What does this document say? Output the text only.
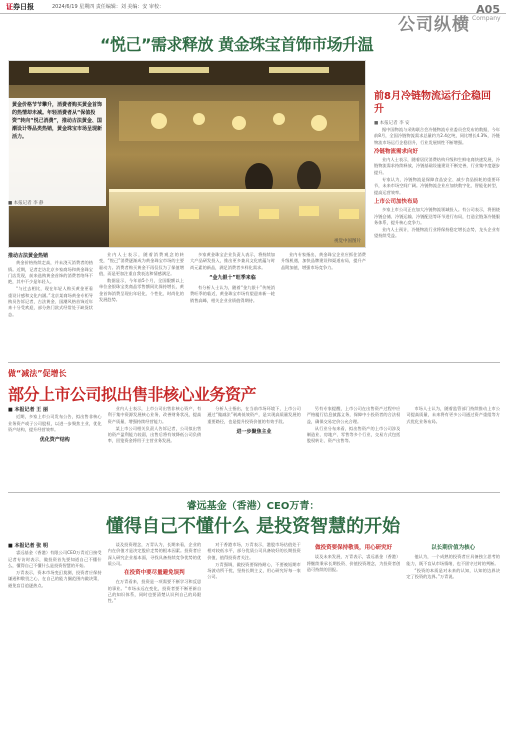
证券日报	2024/6/19 星期四 责任编辑：刘 美编：安 审校：
公司纵横
A05
Company
“悦己”需求释放 黄金珠宝首饰市场升温
视觉中国图片
黄金价格节节攀升，消费者购买黄金首饰的热情却未减。年轻消费者从“保值投资”转向“悦己消费”，推动古法黄金、国潮设计等品类热销，黄金珠宝市场呈现新活力。
■ 本报记者 李 静
前8月冷链物流运行企稳回升
■ 本报记者 李 安

据中国物流与采购联合会冷链物流专业委员会发布的数据，今年前8月，全国冷链物流需求总量约为2.4亿吨，同比增长4.3%，冷链物流市场运行企稳回升，行业发展韧性不断增强。

冷链物流需求向好

业内人士表示，随着居民消费结构升级和生鲜电商快速发展，冷链物流需求持续释放，冷链基础设施建设不断完善，行业集中度逐步提升。

专家认为，冷链物流是保障食品安全、减少食品损耗的重要环节，未来市场空间广阔。冷链物流企业应加快数字化、智能化转型，提高运营效率。

上市公司加快布局

多家上市公司正在加大冷链物流领域投入。有公司表示，将围绕冷链仓储、冷链运输、冷链配送等环节进行布局，打造全链条冷链服务体系，提升核心竞争力。

业内人士预计，冷链物流行业将保持稳定增长态势，龙头企业有望持续受益。

推动古法黄金热销

黄金价格持续走高，并未浇灭消费者的热情。近期，记者走访北京多家商场和黄金珠宝门店发现，前来选购黄金首饰的消费者络绎不绝，其中不少是年轻人。

“与过去相比，现在年轻人购买黄金更看重设计感和文化内涵。”北京某商场黄金专柜导购员告诉记者，古法黄金、国潮风格首饰近年来十分受欢迎，部分热门款式经常处于缺货状态。

业内人士表示，随着消费观念的转变，“悦己”消费逐渐成为黄金珠宝市场的主要驱动力。消费者购买黄金不再仅仅为了保值增值，而是更加注重自我表达和情感满足。

数据显示，今年前5个月，全国限额以上单位金银珠宝类商品零售额同比保持增长，黄金首饰消费呈现出年轻化、个性化、时尚化的发展趋势。

多家黄金珠宝企业负责人表示，将持续加大产品研发投入，推出更多兼具文化底蕴与时尚元素的新品，满足消费者多样化需求。

“金九银十”旺季来临

有分析人士认为，随着“金九银十”传统消费旺季的临近，黄金珠宝市场有望迎来新一轮销售高峰，相关企业业绩值得期待。

业内专家指出，黄金珠宝企业应抓住消费升级机遇，加快品牌建设和渠道布局，提升产品附加值，增强市场竞争力。

做“减法”促增长
部分上市公司拟出售非核心业务资产
■ 本报记者 王 丽

近期，多家上市公司发布公告，拟出售非核心业务资产或子公司股权，以进一步聚焦主业，优化资产结构，提升经营效率。

优化资产结构

业内人士表示，上市公司出售非核心资产，有利于集中资源发展核心业务，改善财务状况，提高资产质量，增强持续经营能力。

某上市公司相关负责人告诉记者，公司拟出售的资产盈利能力较弱，出售后将有效降低公司负债率，回笼资金将用于主营业务发展。

分析人士指出，在当前市场环境下，上市公司通过“做减法”剥离低效资产，是实现高质量发展的重要路径，也是提升投资价值的有效手段。

进一步聚焦主业

另有专家提醒，上市公司在出售资产过程中应严格履行信息披露义务，保障中小投资者的合法权益，确保交易定价公允合理。

从行业分布来看，拟出售资产的上市公司涉及制造业、房地产、零售等多个行业，交易方式包括股权转让、资产出售等。

市场人士认为，随着监管部门持续推动上市公司提高质量，未来将有更多公司通过资产重组等方式优化业务布局。

睿远基金（香港）CEO万青：
懂得自己不懂什么 是投资智慧的开始
■ 本报记者 张 明

睿远基金（香港）有限公司CEO万青近日接受记者专访时表示，做投资首先要知道自己不懂什么，懂得自己不懂什么是投资智慧的开始。

万青表示，资本市场变幻莫测，投资者应保持谦逊和敬畏之心，在自己的能力圈范围内做决策，避免盲目追逐热点。

谈及投资理念，万青认为，长期来看，企业的内在价值才是决定股价走势的根本因素。投资者应深入研究企业基本面，寻找具备持续竞争优势的优质公司。

在投资中要尽量避免误判

在万青看来，投资是一项需要不断学习和反思的事业。“市场永远在变化，投资者要不断更新自己的知识体系，同时也要清楚认识到自己的局限性。”

对于香港市场，万青表示，港股市场估值处于相对较低水平，部分优质公司具备较好的长期投资价值，值得投资者关注。

万青强调，做投资要保持耐心，不要被短期市场波动所干扰，坚持长期主义，用心研究好每一家公司。

做投资要保持敬畏，用心研究好

谈及未来发展，万青表示，睿远基金（香港）将继续秉承长期投资、价值投资理念，为投资者创造可持续的回报。

以长期价值为核心

他认为，一个成熟的投资者应具备独立思考的能力，既不盲从市场情绪，也不固守过时的判断。

“投资的本质是对未来的认知，认知的边界决定了投资的边界。”万青说。
